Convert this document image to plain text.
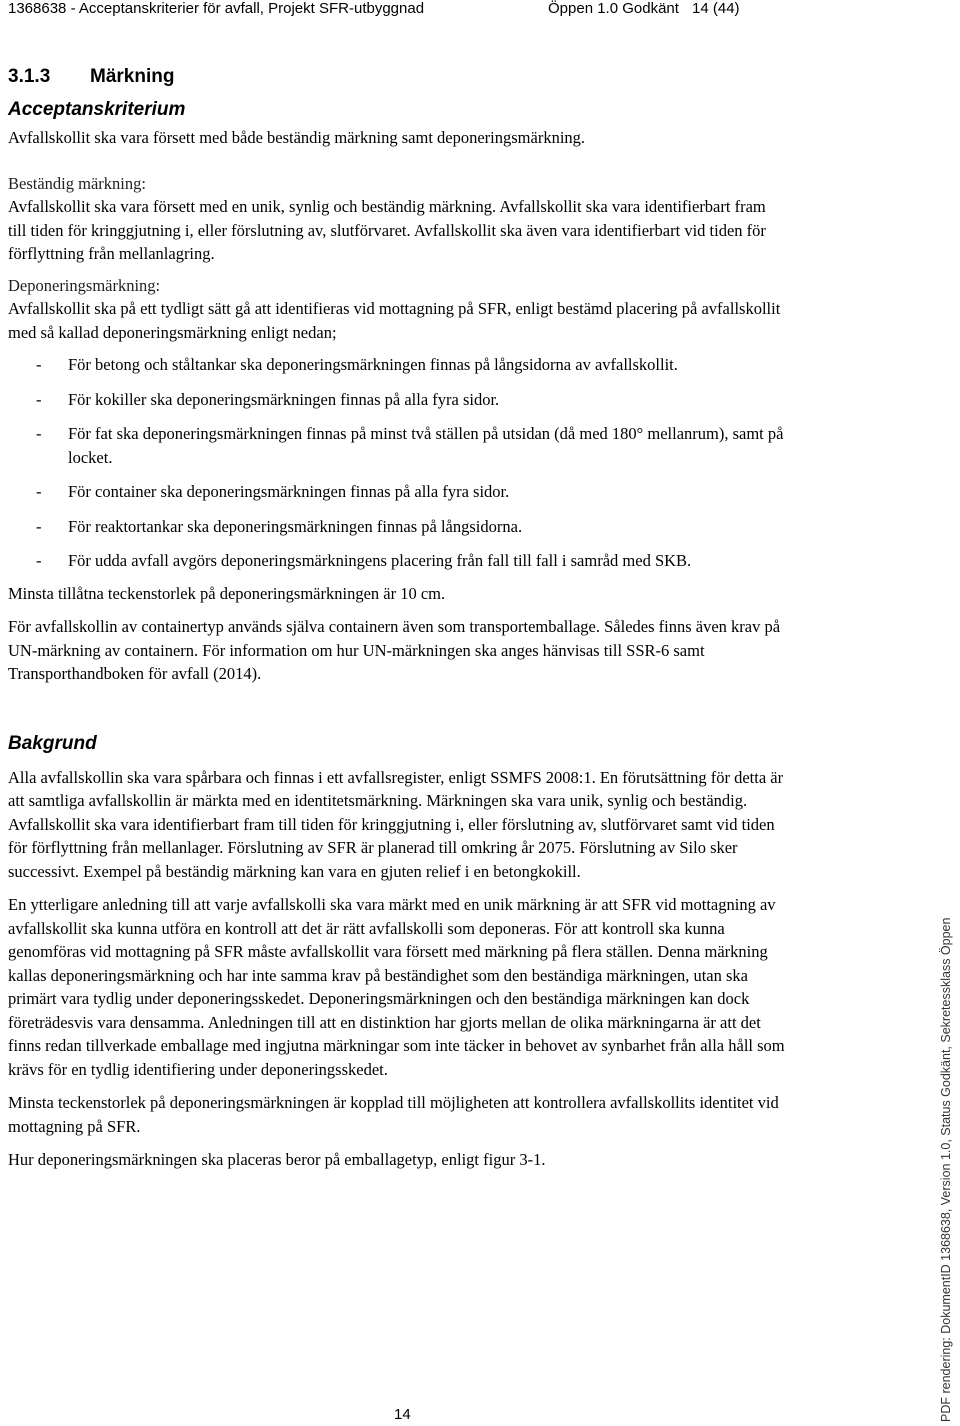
1368638 - Acceptanskriterier för avfall, Projekt SFR-utbyggnad	Öppen 1.0 Godkänt 14 (44)
3.1.3 Märkning
Acceptanskriterium

Avfallskollit ska vara försett med både beständig märkning samt deponeringsmärkning.

Beständig märkning:

Avfallskollit ska vara försett med en unik, synlig och beständig märkning. Avfallskollit ska vara identifierbart fram till tiden för kringgjutning i, eller förslutning av, slutförvaret. Avfallskollit ska även vara identifierbart vid tiden för förflyttning från mellanlagring.

Deponeringsmärkning:

Avfallskollit ska på ett tydligt sätt gå att identifieras vid mottagning på SFR, enligt bestämd placering på avfallskollit med så kallad deponeringsmärkning enligt nedan;

- För betong och ståltankar ska deponeringsmärkningen finnas på långsidorna av avfallskollit.
- För kokiller ska deponeringsmärkningen finnas på alla fyra sidor.
- För fat ska deponeringsmärkningen finnas på minst två ställen på utsidan (då med 180° mellanrum), samt på locket.
- För container ska deponeringsmärkningen finnas på alla fyra sidor.
- För reaktortankar ska deponeringsmärkningen finnas på långsidorna.
- För udda avfall avgörs deponeringsmärkningens placering från fall till fall i samråd med SKB.

Minsta tillåtna teckenstorlek på deponeringsmärkningen är 10 cm.

För avfallskollin av containertyp används själva containern även som transportemballage. Således finns även krav på UN-märkning av containern. För information om hur UN-märkningen ska anges hänvisas till SSR-6 samt Transporthandboken för avfall (2014).

Bakgrund

Alla avfallskollin ska vara spårbara och finnas i ett avfallsregister, enligt SSMFS 2008:1. En förutsättning för detta är att samtliga avfallskollin är märkta med en identitetsmärkning. Märkningen ska vara unik, synlig och beständig. Avfallskollit ska vara identifierbart fram till tiden för kringgjutning i, eller förslutning av, slutförvaret samt vid tiden för förflyttning från mellanlager. Förslutning av SFR är planerad till omkring år 2075. Förslutning av Silo sker successivt. Exempel på beständig märkning kan vara en gjuten relief i en betongkokill.

En ytterligare anledning till att varje avfallskolli ska vara märkt med en unik märkning är att SFR vid mottagning av avfallskollit ska kunna utföra en kontroll att det är rätt avfallskolli som deponeras. För att kontroll ska kunna genomföras vid mottagning på SFR måste avfallskollit vara försett med märkning på flera ställen. Denna märkning kallas deponeringsmärkning och har inte samma krav på beständighet som den beständiga märkningen, utan ska primärt vara tydlig under deponeringsskedet. Deponeringsmärkningen och den beständiga märkningen kan dock företrädesvis vara densamma. Anledningen till att en distinktion har gjorts mellan de olika märkningarna är att det finns redan tillverkade emballage med ingjutna märkningar som inte täcker in behovet av synbarhet från alla håll som krävs för en tydlig identifiering under deponeringsskedet.

Minsta teckenstorlek på deponeringsmärkningen är kopplad till möjligheten att kontrollera avfallskollits identitet vid mottagning på SFR.

Hur deponeringsmärkningen ska placeras beror på emballagetyp, enligt figur 3-1.

14	PDF rendering: DokumentID 1368638, Version 1.0, Status Godkänt, Sekretessklass Öppen
